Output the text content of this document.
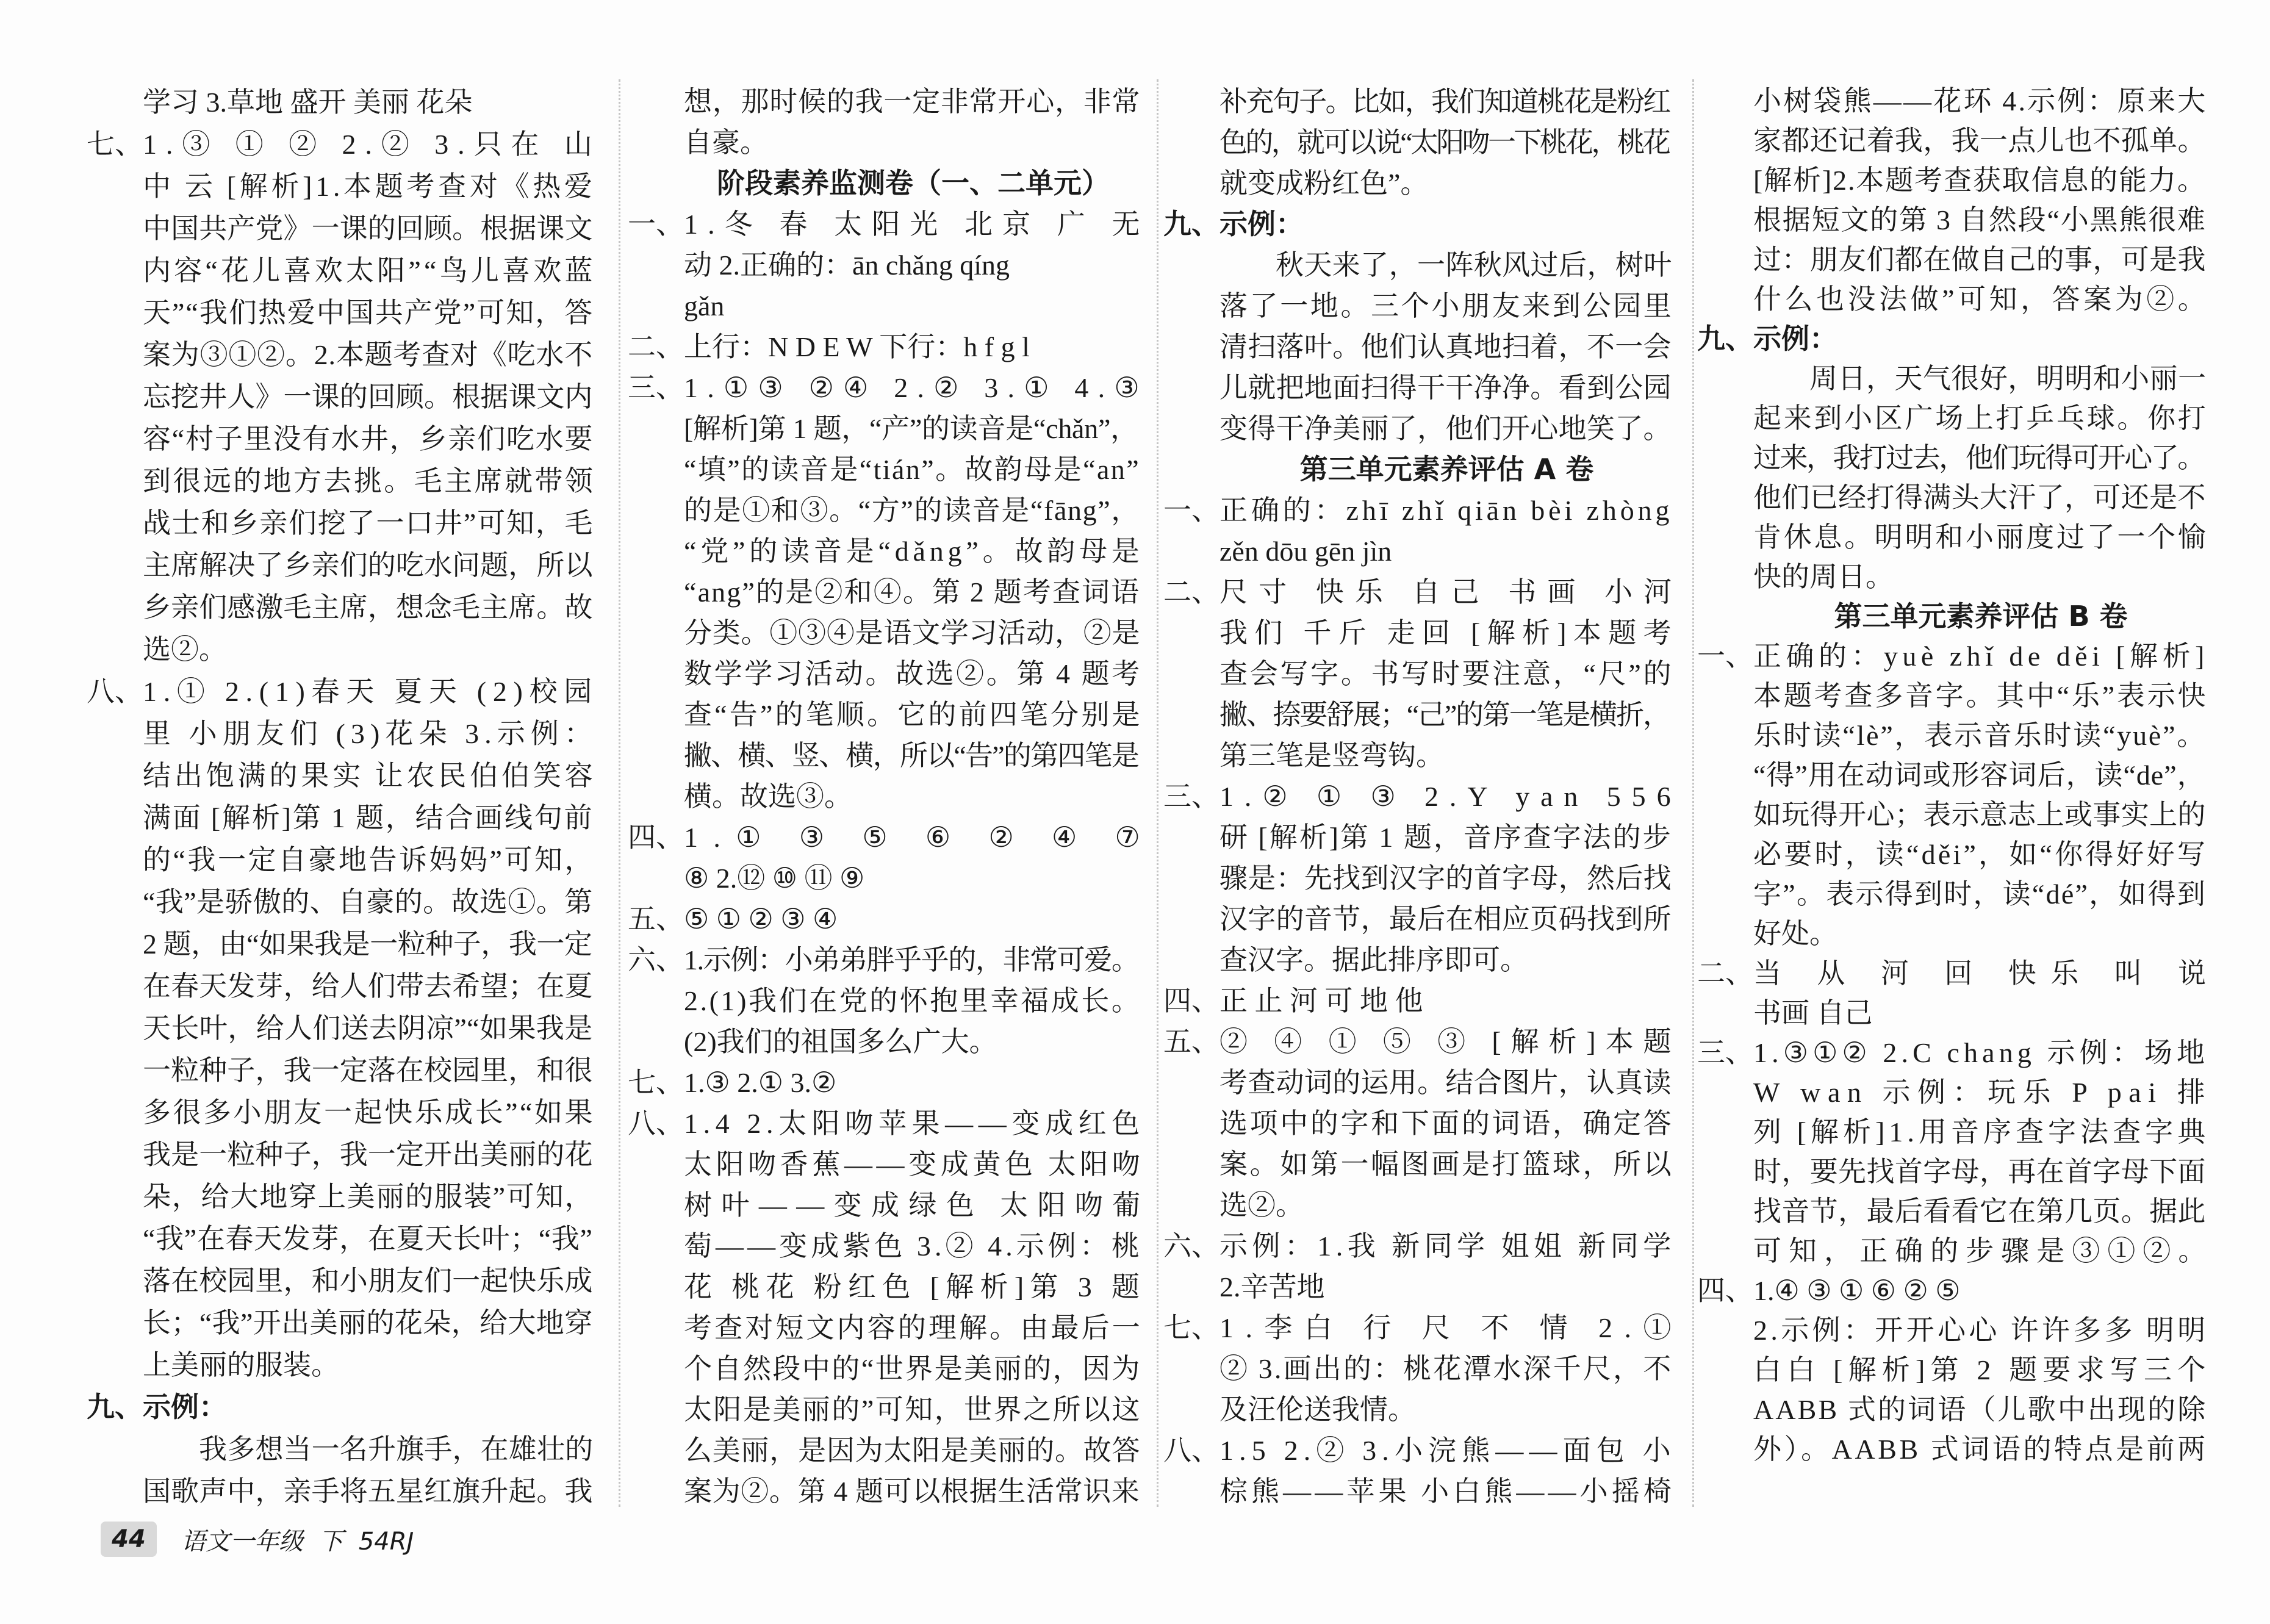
学习 3.草地 盛开 美丽 花朵
七、 1.③ ① ② 2.② 3.只在 山
中 云 [解析]1.本题考查对《热爱
中国共产党》一课的回顾。根据课文
内容“花儿喜欢太阳”“鸟儿喜欢蓝
天”“我们热爱中国共产党”可知，答
案为③①②。2.本题考查对《吃水不
忘挖井人》一课的回顾。根据课文内
容“村子里没有水井，乡亲们吃水要
到很远的地方去挑。毛主席就带领
战士和乡亲们挖了一口井”可知，毛
主席解决了乡亲们的吃水问题，所以
乡亲们感激毛主席，想念毛主席。故
选②。
八、 1.① 2.(1)春天 夏天 (2)校园
里 小朋友们 (3)花朵 3.示例：
结出饱满的果实 让农民伯伯笑容
满面 [解析]第 1 题，结合画线句前
的“我一定自豪地告诉妈妈”可知，
“我”是骄傲的、自豪的。故选①。第
2 题，由“如果我是一粒种子，我一定
在春天发芽，给人们带去希望；在夏
天长叶，给人们送去阴凉”“如果我是
一粒种子，我一定落在校园里，和很
多很多小朋友一起快乐成长”“如果
我是一粒种子，我一定开出美丽的花
朵，给大地穿上美丽的服装”可知，
“我”在春天发芽，在夏天长叶；“我”
落在校园里，和小朋友们一起快乐成
长；“我”开出美丽的花朵，给大地穿
上美丽的服装。
九、 示例：
我多想当一名升旗手，在雄壮的
国歌声中，亲手将五星红旗升起。我
想，那时候的我一定非常开心，非常
自豪。
阶段素养监测卷（一、二单元）
一、 1.冬 春 太阳光 北京 广 无
动 2.正确的：ān chǎng qíng
gǎn
二、 上行：N D E W 下行：h f g l
三、 1.①③ ②④ 2.② 3.① 4.③
[解析]第 1 题，“产”的读音是“chǎn”，
“填”的读音是“tián”。故韵母是“an”
的是①和③。“方”的读音是“fāng”，
“党”的读音是“dǎng”。故韵母是
“ang”的是②和④。第 2 题考查词语
分类。①③④是语文学习活动，②是
数学学习活动。故选②。第 4 题考
查“告”的笔顺。它的前四笔分别是
撇、横、竖、横，所以“告”的第四笔是
横。故选③。
四、 1.① ③ ⑤ ⑥ ② ④ ⑦
⑧ 2.⑫ ⑩ ⑪ ⑨
五、 ⑤ ① ② ③ ④
六、 1.示例：小弟弟胖乎乎的，非常可爱。
2.(1)我们在党的怀抱里幸福成长。
(2)我们的祖国多么广大。
七、 1.③ 2.① 3.②
八、 1.4 2.太阳吻苹果——变成红色
太阳吻香蕉——变成黄色 太阳吻
树叶——变成绿色 太阳吻葡
萄——变成紫色 3.② 4.示例：桃
花 桃花 粉红色 [解析]第 3 题
考查对短文内容的理解。由最后一
个自然段中的“世界是美丽的，因为
太阳是美丽的”可知，世界之所以这
么美丽，是因为太阳是美丽的。故答
案为②。第 4 题可以根据生活常识来
补充句子。比如，我们知道桃花是粉红
色的，就可以说“太阳吻一下桃花，桃花
就变成粉红色”。
九、 示例：
秋天来了，一阵秋风过后，树叶
落了一地。三个小朋友来到公园里
清扫落叶。他们认真地扫着，不一会
儿就把地面扫得干干净净。看到公园
变得干净美丽了，他们开心地笑了。
第三单元素养评估 A 卷
一、 正确的：zhī zhǐ qiān bèi zhòng
zěn dōu gēn jìn
二、 尺寸 快乐 自己 书画 小河
我们 千斤 走回 [解析]本题考
查会写字。书写时要注意，“尺”的
撇、捺要舒展；“己”的第一笔是横折，
第三笔是竖弯钩。
三、 1.② ① ③ 2.Y yan 556
研 [解析]第 1 题，音序查字法的步
骤是：先找到汉字的首字母，然后找
汉字的音节，最后在相应页码找到所
查汉字。据此排序即可。
四、 正 止 河 可 地 他
五、 ② ④ ① ⑤ ③ [解析]本题
考查动词的运用。结合图片，认真读
选项中的字和下面的词语，确定答
案。如第一幅图画是打篮球，所以
选②。
六、 示例：1.我 新同学 姐姐 新同学
2.辛苦地
七、 1.李白 行 尺 不 情 2.①
② 3.画出的：桃花潭水深千尺，不
及汪伦送我情。
八、 1.5 2.② 3.小浣熊——面包 小
棕熊——苹果 小白熊——小摇椅
小树袋熊——花环 4.示例：原来大
家都还记着我，我一点儿也不孤单。
[解析]2.本题考查获取信息的能力。
根据短文的第 3 自然段“小黑熊很难
过：朋友们都在做自己的事，可是我
什么也没法做”可知，答案为②。
九、 示例：
周日，天气很好，明明和小丽一
起来到小区广场上打乒乓球。你打
过来，我打过去，他们玩得可开心了。
他们已经打得满头大汗了，可还是不
肯休息。明明和小丽度过了一个愉
快的周日。
第三单元素养评估 B 卷
一、 正确的：yuè zhǐ de děi [解析]
本题考查多音字。其中“乐”表示快
乐时读“lè”，表示音乐时读“yuè”。
“得”用在动词或形容词后，读“de”，
如玩得开心；表示意志上或事实上的
必要时，读“děi”，如“你得好好写
字”。表示得到时，读“dé”，如得到
好处。
二、 当 从 河 回 快乐 叫 说
书画 自己
三、 1.③①② 2.C chang 示例：场地
W wan 示例：玩乐 P pai 排
列 [解析]1.用音序查字法查字典
时，要先找首字母，再在首字母下面
找音节，最后看看它在第几页。据此
可知，正确的步骤是③①②。
四、 1.④ ③ ① ⑥ ② ⑤
2.示例：开开心心 许许多多 明明
白白 [解析]第 2 题要求写三个
AABB 式的词语（儿歌中出现的除
外）。AABB 式词语的特点是前两
44	语文一年级  下  54RJ
